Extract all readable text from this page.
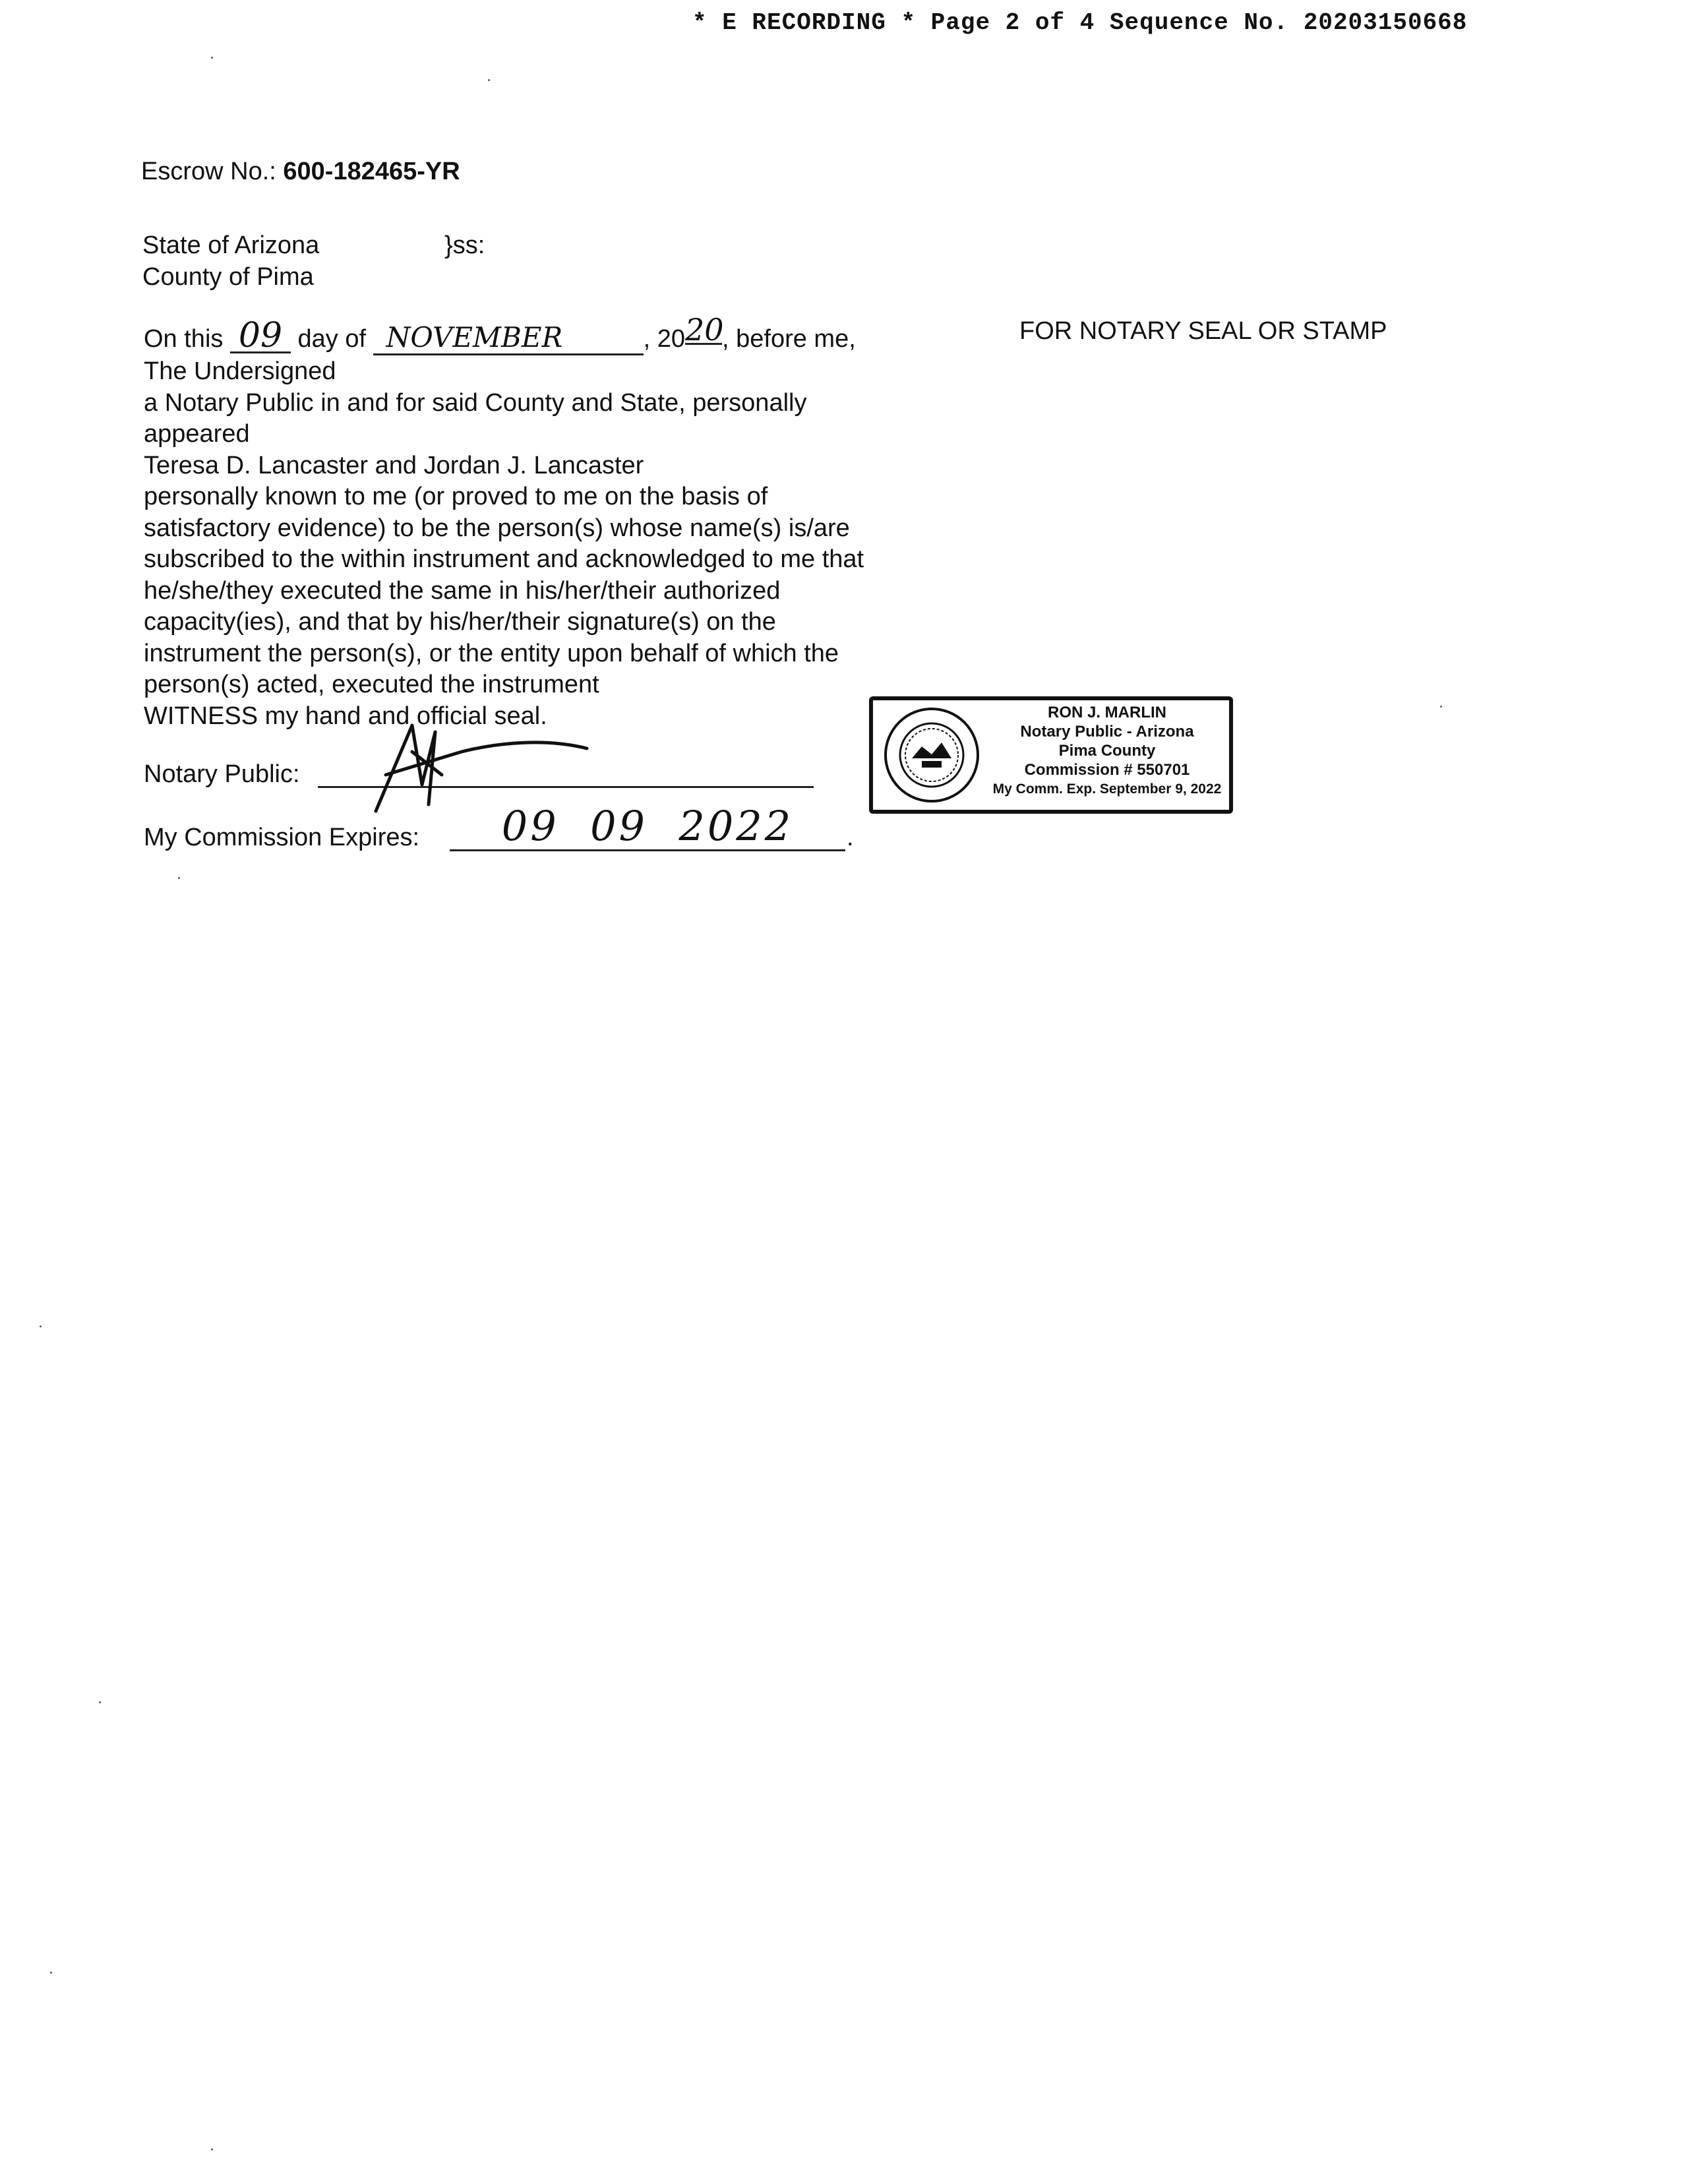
* E RECORDING * Page 2 of 4 Sequence No. 20203150668
Escrow No.: 600-182465-YR
State of Arizona	}ss:
County of Pima
On this 09 day of NOVEMBER	, 2020, before me,	FOR NOTARY SEAL OR STAMP
The Undersigned
a Notary Public in and for said County and State, personally
appeared
Teresa D. Lancaster and Jordan J. Lancaster
personally known to me (or proved to me on the basis of
satisfactory evidence) to be the person(s) whose name(s) is/are
subscribed to the within instrument and acknowledged to me that
he/she/they executed the same in his/her/their authorized
capacity(ies), and that by his/her/their signature(s) on the
instrument the person(s), or the entity upon behalf of which the
person(s) acted, executed the instrument
WITNESS my hand and official seal.
Notary Public:
My Commission Expires:	09  09  2022	.
RON J. MARLIN
Notary Public - Arizona
Pima County
Commission # 550701
My Comm. Exp. September 9, 2022
